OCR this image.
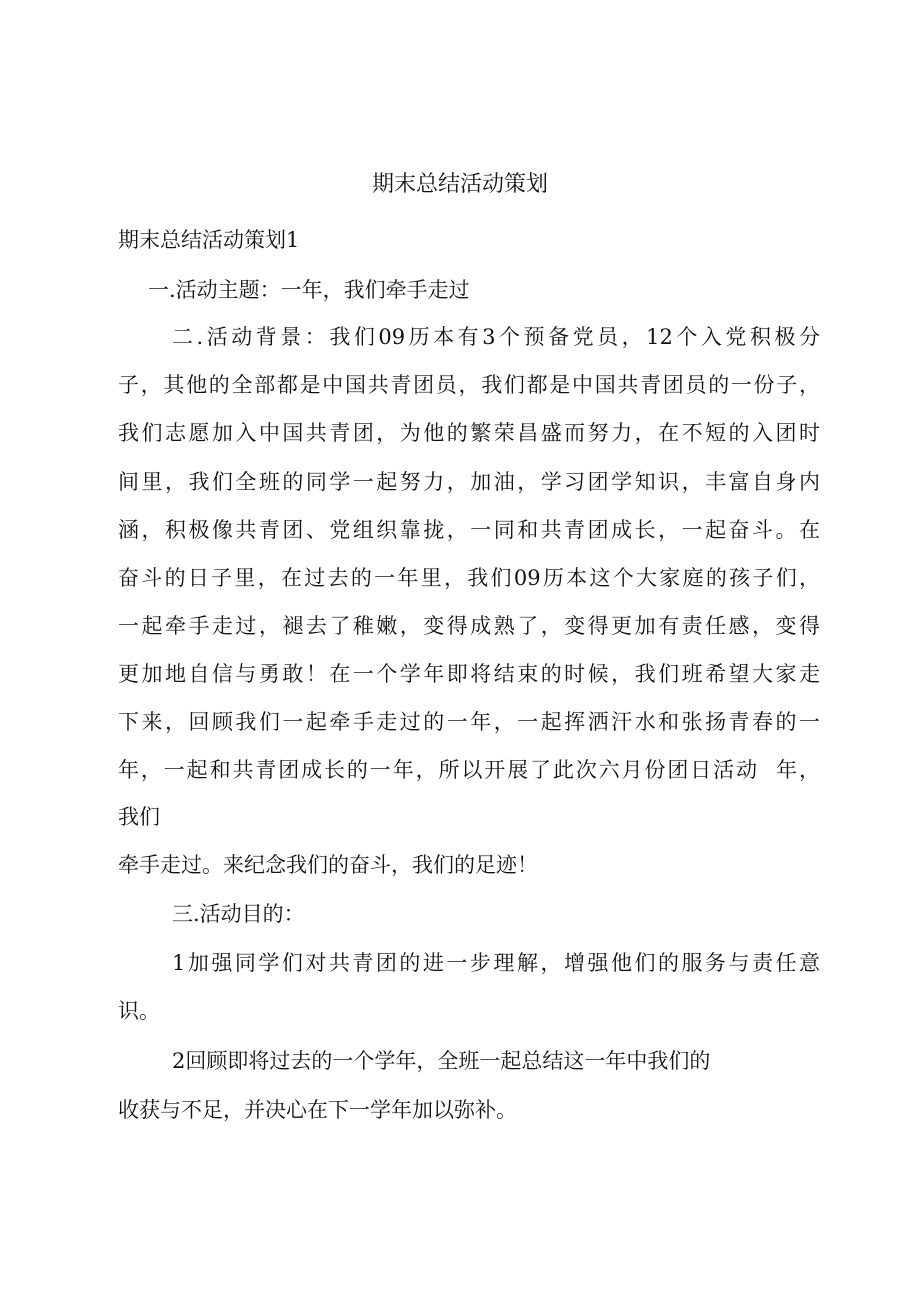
期末总结活动策划
期末总结活动策划1
一.活动主题：一年，我们牵手走过
二.活动背景：我们09历本有3个预备党员，12个入党积极分
子，其他的全部都是中国共青团员，我们都是中国共青团员的一份子，
我们志愿加入中国共青团，为他的繁荣昌盛而努力，在不短的入团时
间里，我们全班的同学一起努力，加油，学习团学知识，丰富自身内
涵，积极像共青团、党组织靠拢，一同和共青团成长，一起奋斗。在
奋斗的日子里，在过去的一年里，我们09历本这个大家庭的孩子们，
一起牵手走过，褪去了稚嫩，变得成熟了，变得更加有责任感，变得
更加地自信与勇敢！在一个学年即将结束的时候，我们班希望大家走
下来，回顾我们一起牵手走过的一年，一起挥洒汗水和张扬青春的一
年，一起和共青团成长的一年，所以开展了此次六月份团日活动  年，
我们
牵手走过。来纪念我们的奋斗，我们的足迹！
三.活动目的：
1加强同学们对共青团的进一步理解，增强他们的服务与责任意
识。
2回顾即将过去的一个学年，全班一起总结这一年中我们的
收获与不足，并决心在下一学年加以弥补。
